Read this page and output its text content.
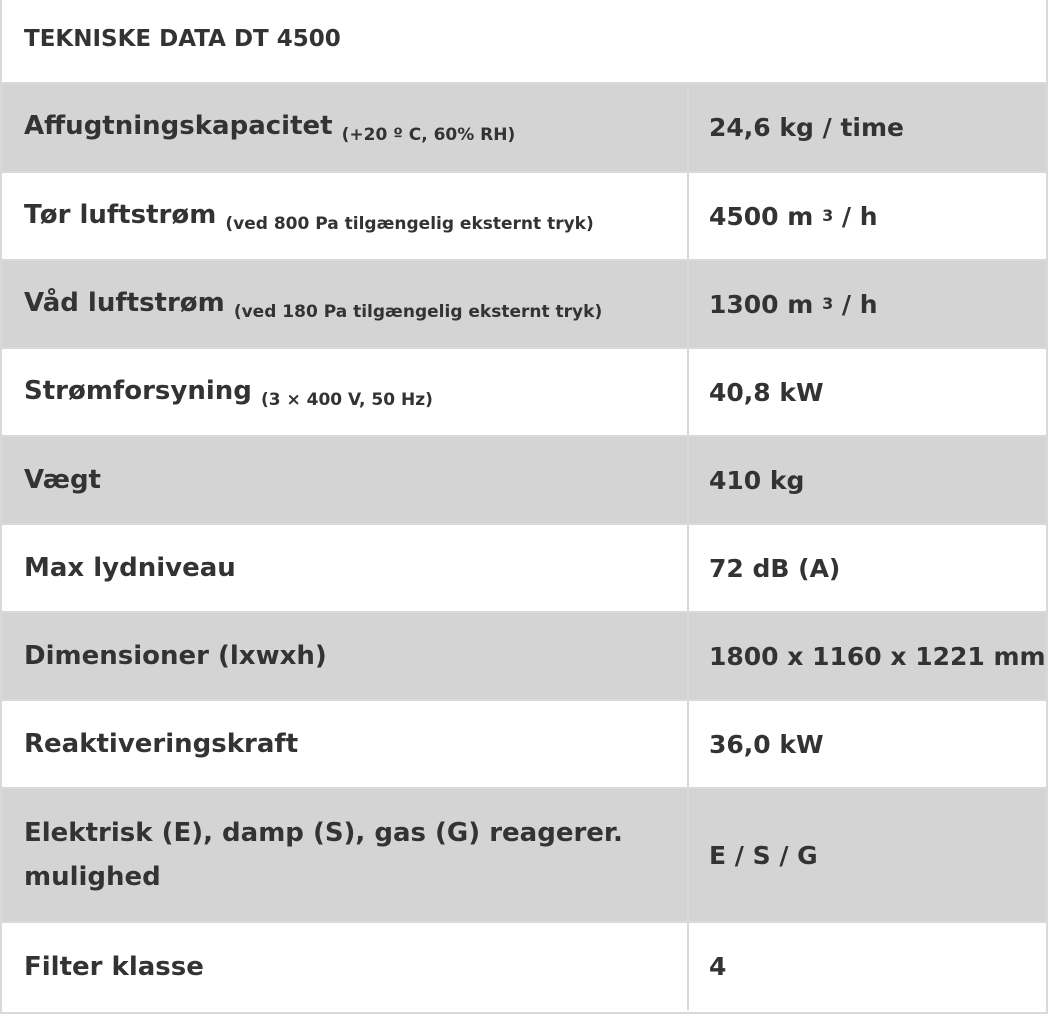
TEKNISKE DATA DT 4500
Affugtningskapacitet $_{(+20 º C, 60\% RH)}$	24,6 kg / time
Tør luftstrøm $_{(ved 800 Pa tilgængelig eksternt tryk)}$	4500 m $^3$ / h
Våd luftstrøm $_{(ved 180 Pa tilgængelig eksternt tryk)}$	1300 m $^3$ / h
Strømforsyning $_{(3 \times 400 V, 50 Hz)}$	40,8 kW
Vægt	410 kg
Max lydniveau	72 dB (A)
Dimensioner (lxwxh)	1800 x 1160 x 1221 mm
Reaktiveringskraft	36,0 kW
Elektrisk (E), damp (S), gas (G) reagerer. mulighed	E / S / G
Filter klasse	4
